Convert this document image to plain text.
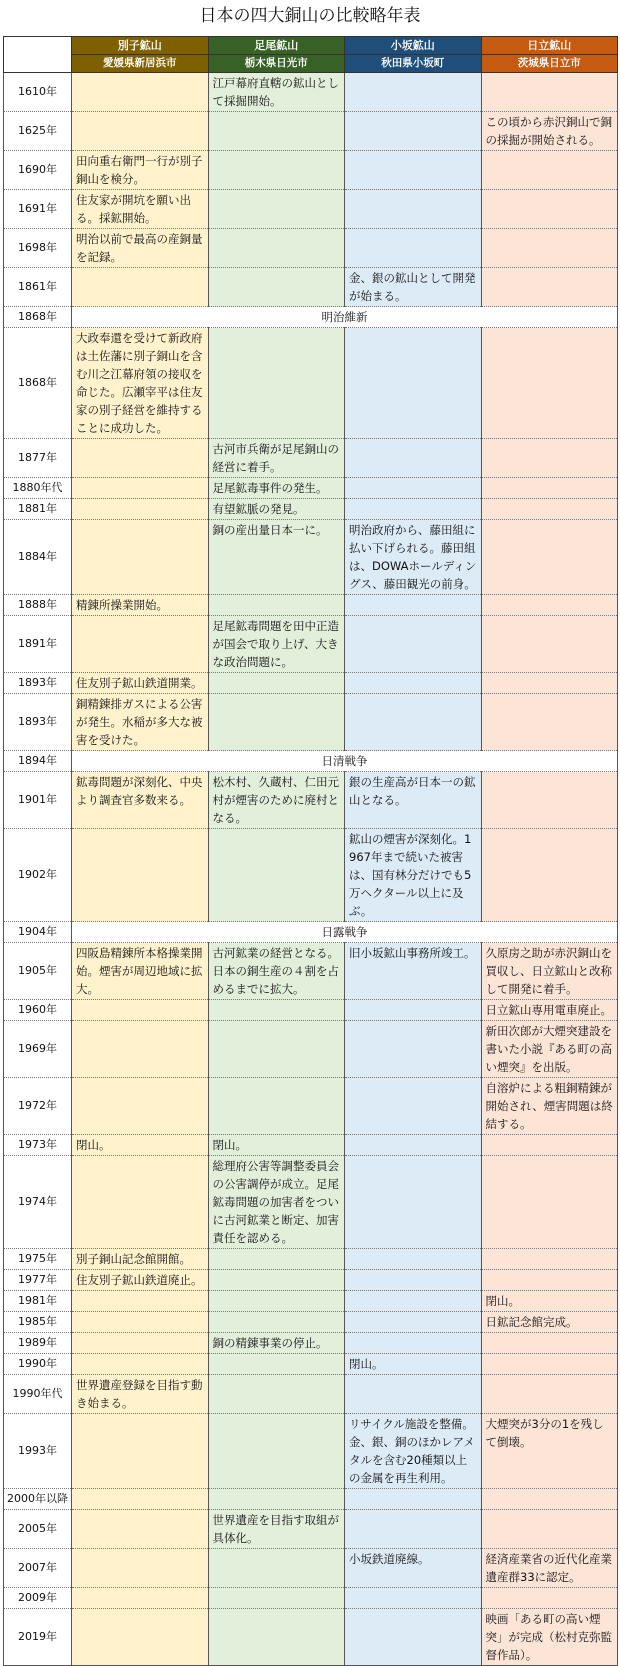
日本の四大銅山の比較略年表
	別子鉱山	足尾鉱山	小坂鉱山	日立鉱山
	愛媛県新居浜市	栃木県日光市	秋田県小坂町	茨城県日立市
1610年		江戸幕府直轄の鉱山として採掘開始。		
1625年				この頃から赤沢銅山で銅の採掘が開始される。
1690年	田向重右衛門一行が別子銅山を検分。			
1691年	住友家が開坑を願い出る。採鉱開始。			
1698年	明治以前で最高の産銅量を記録。			
1861年			金、銀の鉱山として開発が始まる。	
1868年	明治維新			
1868年	大政奉還を受けて新政府は土佐藩に別子銅山を含む川之江幕府領の接収を命じた。広瀬宰平は住友家の別子経営を維持することに成功した。			
1877年		古河市兵衛が足尾銅山の経営に着手。		
1880年代		足尾鉱毒事件の発生。		
1881年		有望鉱脈の発見。		
1884年		銅の産出量日本一に。	明治政府から、藤田組に払い下げられる。藤田組は、DOWAホールディングス、藤田観光の前身。	
1888年	精錬所操業開始。			
1891年		足尾鉱毒問題を田中正造が国会で取り上げ、大きな政治問題に。		
1893年	住友別子鉱山鉄道開業。			
1893年	銅精錬排ガスによる公害が発生。水稲が多大な被害を受けた。			
1894年	日清戦争			
1901年	鉱毒問題が深刻化、中央より調査官多数来る。	松木村、久蔵村、仁田元村が煙害のために廃村となる。	銀の生産高が日本一の鉱山となる。	
1902年			鉱山の煙害が深刻化。1967年まで続いた被害は、国有林分だけでも5万ヘクタール以上に及ぶ。	
1904年	日露戦争			
1905年	四阪島精錬所本格操業開始。煙害が周辺地域に拡大。	古河鉱業の経営となる。日本の銅生産の４割を占めるまでに拡大。	旧小坂鉱山事務所竣工。	久原房之助が赤沢銅山を買収し、日立鉱山と改称して開発に着手。
1960年				日立鉱山専用電車廃止。
1969年				新田次郎が大煙突建設を書いた小説『ある町の高い煙突』を出版。
1972年				自溶炉による粗銅精錬が開始され、煙害問題は終結する。
1973年	閉山。	閉山。		
1974年		総理府公害等調整委員会の公害調停が成立。足尾鉱毒問題の加害者をついに古河鉱業と断定、加害責任を認める。		
1975年	別子銅山記念館開館。			
1977年	住友別子鉱山鉄道廃止。			
1981年				閉山。
1985年				日鉱記念館完成。
1989年		銅の精錬事業の停止。		
1990年			閉山。	
1990年代	世界遺産登録を目指す動き始まる。			
1993年			リサイクル施設を整備。金、銀、銅のほかレアメタルを含む20種類以上の金属を再生利用。	大煙突が3分の1を残して倒壊。
2000年以降				
2005年		世界遺産を目指す取組が具体化。		
2007年			小坂鉄道廃線。	経済産業省の近代化産業遺産群33に認定。
2009年				
2019年				映画「ある町の高い煙突」が完成（松村克弥監督作品）。
